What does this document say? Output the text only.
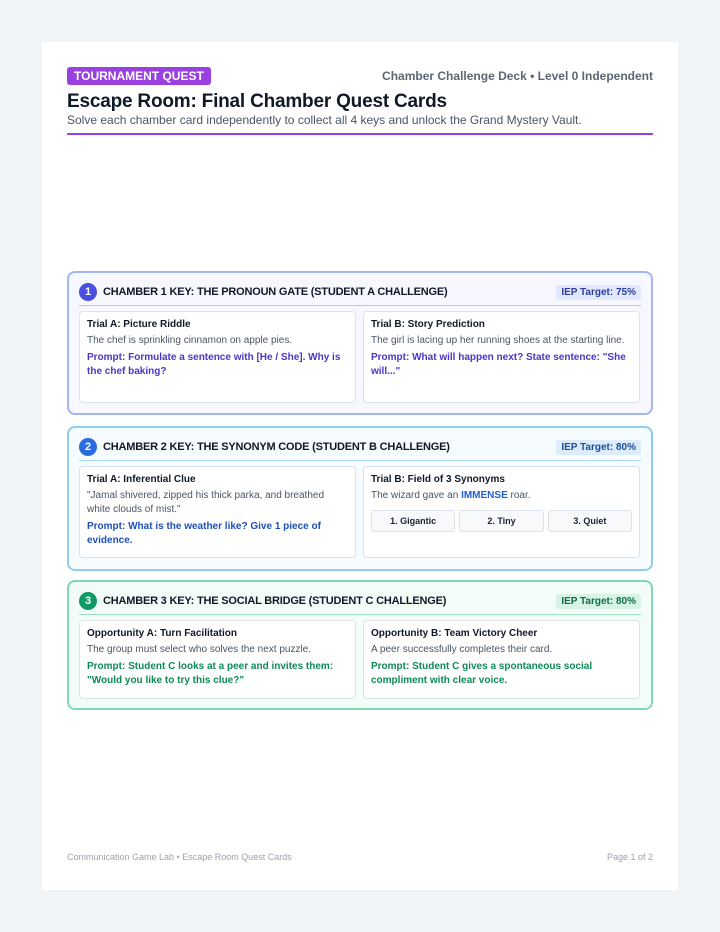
TOURNAMENT QUEST	Chamber Challenge Deck • Level 0 Independent
Escape Room: Final Chamber Quest Cards
Solve each chamber card independently to collect all 4 keys and unlock the Grand Mystery Vault.
1	CHAMBER 1 KEY: THE PRONOUN GATE (STUDENT A CHALLENGE)	IEP Target: 75%
Trial A: Picture Riddle
The chef is sprinkling cinnamon on apple pies.
Prompt: Formulate a sentence with [He / She]. Why is the chef baking?
Trial B: Story Prediction
The girl is lacing up her running shoes at the starting line.
Prompt: What will happen next? State sentence: "She will..."
2	CHAMBER 2 KEY: THE SYNONYM CODE (STUDENT B CHALLENGE)	IEP Target: 80%
Trial A: Inferential Clue
"Jamal shivered, zipped his thick parka, and breathed white clouds of mist."
Prompt: What is the weather like? Give 1 piece of evidence.
Trial B: Field of 3 Synonyms
The wizard gave an IMMENSE roar.
1. Gigantic	2. Tiny	3. Quiet
3	CHAMBER 3 KEY: THE SOCIAL BRIDGE (STUDENT C CHALLENGE)	IEP Target: 80%
Opportunity A: Turn Facilitation
The group must select who solves the next puzzle.
Prompt: Student C looks at a peer and invites them: "Would you like to try this clue?"
Opportunity B: Team Victory Cheer
A peer successfully completes their card.
Prompt: Student C gives a spontaneous social compliment with clear voice.
Communication Game Lab • Escape Room Quest Cards	Page 1 of 2
